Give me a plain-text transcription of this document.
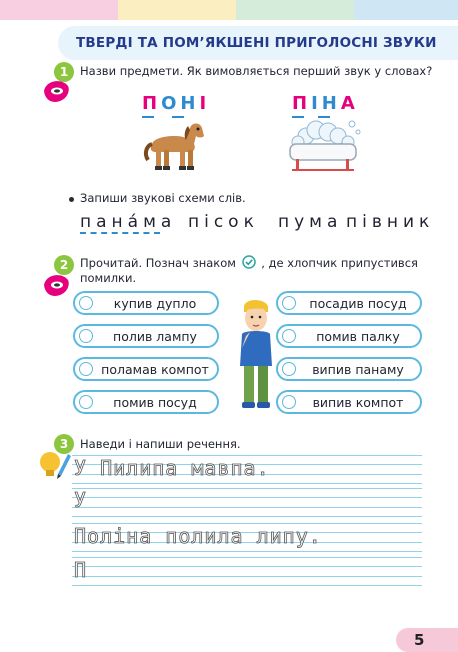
ТВЕРДІ ТА ПОМ’ЯКШЕНІ ПРИГОЛОСНІ ЗВУКИ
1	Назви предмети. Як вимовляється перший звук у словах?
ПОНІ	ПІНА
Запиши звукові схеми слів.
пана́ма пісок пума півник
2	Прочитай. Познач знаком , де хлопчик припустився
помилки.
купив дупло
полив лампу
поламав компот
помив посуд
посадив посуд
помив палку
випив панаму
випив компот
3	Наведи і напиши речення.
У Пилипа мавпа.
У
Поліна полила липу.
П
5
